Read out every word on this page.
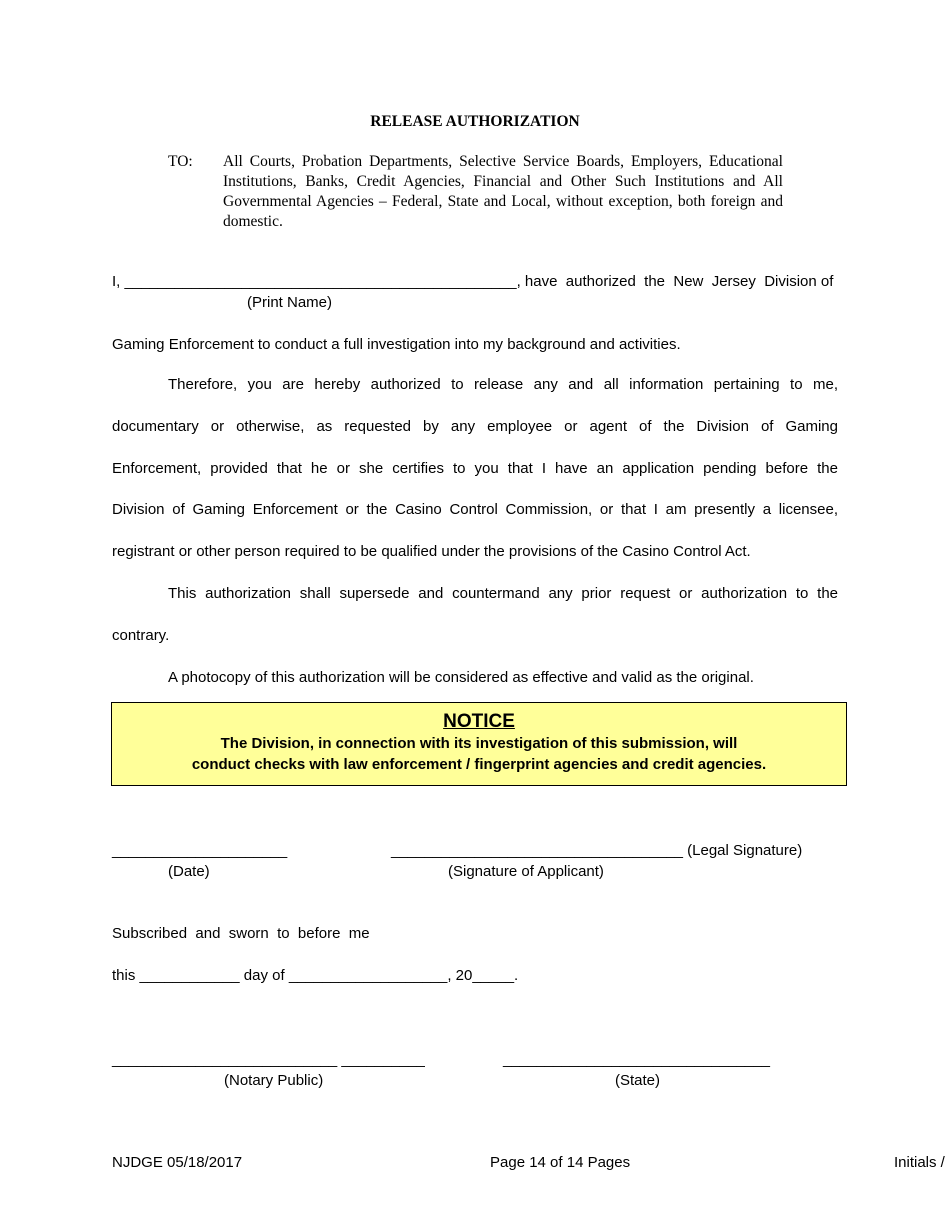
RELEASE AUTHORIZATION
TO: All Courts, Probation Departments, Selective Service Boards, Employers, Educational Institutions, Banks, Credit Agencies, Financial and Other Such Institutions and All Governmental Agencies – Federal, State and Local, without exception, both foreign and domestic.
I, _______________________________________________, have  authorized  the  New  Jersey  Division of
(Print Name)
Gaming Enforcement to conduct a full investigation into my background and activities.
Therefore, you are hereby authorized to release any and all information pertaining to me,
documentary or otherwise, as requested by any employee or agent of the Division of Gaming
Enforcement, provided that he or she certifies to you that I have an application pending before the
Division of Gaming Enforcement or the Casino Control Commission, or that I am presently a licensee,
registrant or other person required to be qualified under the provisions of the Casino Control Act.
This authorization shall supersede and countermand any prior request or authorization to the
contrary.
A photocopy of this authorization will be considered as effective and valid as the original.
NOTICE
The Division, in connection with its investigation of this submission, will
conduct checks with law enforcement / fingerprint agencies and credit agencies.
_____________________
(Date)
___________________________________ (Legal Signature)
(Signature of Applicant)
Subscribed  and  sworn  to  before  me
this ____________ day of ___________________, 20_____.
___________________________ __________
(Notary Public)
________________________________
(State)
NJDGE 05/18/2017	Page 14 of 14 Pages	Initials /
